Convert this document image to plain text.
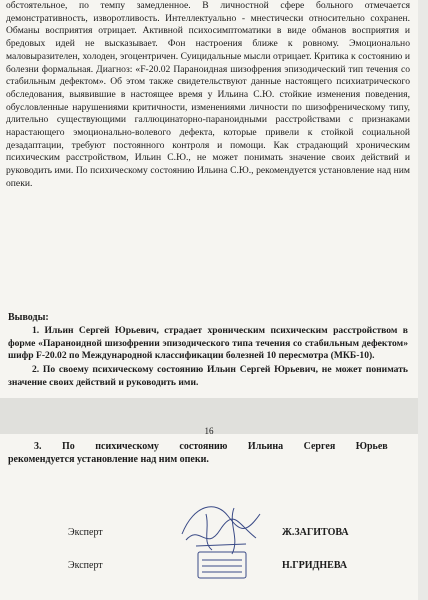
обстоятельное, по темпу замедленное. В личностной сфере больного отмечается демонстративность, изворотливость. Интеллектуально - мнестически относительно сохранен. Обманы восприятия отрицает. Активной психосимптоматики в виде обманов восприятия и бредовых идей не высказывает. Фон настроения ближе к ровному. Эмоционально маловыразителен, холоден, эгоцентричен. Суицидальные мысли отрицает. Критика к состоянию и болезни формальная. Диагноз: «F-20.02 Параноидная шизофрения эпизодический тип течения со стабильным дефектом». Об этом также свидетельствуют данные настоящего психиатрического обследования, выявившие в настоящее время у Ильина С.Ю. стойкие изменения поведения, обусловленные нарушениями критичности, изменениями личности по шизофреническому типу, длительно существующими галлюцинаторно-параноидными расстройствами с признаками нарастающего эмоционально-волевого дефекта, которые привели к стойкой социальной дезадаптации, требуют постоянного контроля и помощи. Как страдающий хроническим психическим расстройством, Ильин С.Ю., не может понимать значение своих действий и руководить ими. По психическому состоянию Ильина С.Ю., рекомендуется установление над ним опеки.

Выводы:
1. Ильин Сергей Юрьевич, страдает хроническим психическим расстройством в форме «Параноидной шизофрении эпизодического типа течения со стабильным дефектом» шифр F-20.02 по Международной классификации болезней 10 пересмотра (МКБ-10).
2. По своему психическому состоянию Ильин Сергей Юрьевич, не может понимать значение своих действий и руководить ими.
16

3. По психическому состоянию Ильина Сергея Юрьев
рекомендуется установление над ним опеки.

Эксперт	Ж.ЗАГИТОВА
Эксперт	Н.ГРИДНЕВА
